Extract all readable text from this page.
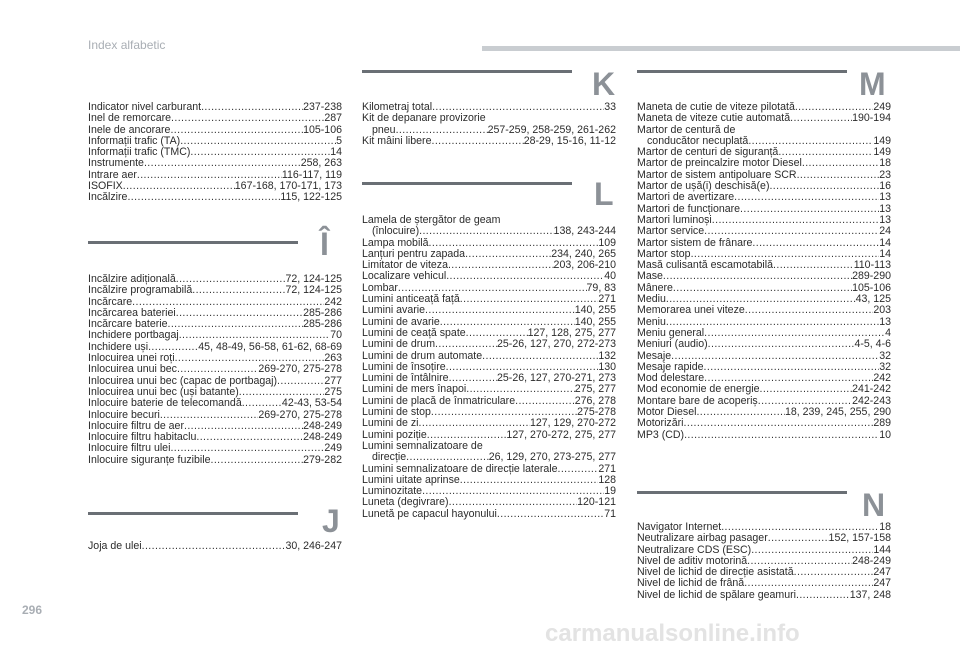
Index alfabetic
Indicator nivel carburant .....	237-238
Inel de remorcare .....	287
Inele de ancorare .....	105-106
Informații trafic (TA) .....	5
Informații trafic (TMC) .....	14
Instrumente .....	258, 263
Intrare aer .....	116-117, 119
ISOFIX .....	167-168, 170-171, 173
Încălzire .....	115, 122-125
Î
Încălzire adițională .....	72, 124-125
Încălzire programabilă .....	72, 124-125
Încărcare .....	242
Încărcarea bateriei .....	285-286
Încărcare baterie .....	285-286
Închidere portbagaj .....	70
Închidere uși .....	45, 48-49, 56-58, 61-62, 68-69
Înlocuirea unei roți .....	263
Înlocuirea unui bec .....	269-270, 275-278
Înlocuirea unui bec (capac de portbagaj) .....	277
Înlocuirea unui bec (uși batante) .....	275
Înlocuire baterie de telecomandă .....	42-43, 53-54
Înlocuire becuri .....	269-270, 275-278
Înlocuire filtru de aer .....	248-249
Înlocuire filtru habitaclu .....	248-249
Înlocuire filtru ulei .....	249
Înlocuire siguranțe fuzibile .....	279-282
J
Joja de ulei .....	30, 246-247
K
Kilometraj total .....	33
Kit de depanare provizorie
pneu .....	257-259, 258-259, 261-262
Kit mâini libere .....	28-29, 15-16, 11-12
L
Lamela de ștergător de geam
(înlocuire) .....	138, 243-244
Lampa mobilă .....	109
Lanțuri pentru zapada .....	234, 240, 265
Limitator de viteza .....	203, 206-210
Localizare vehicul .....	40
Lombar .....	79, 83
Lumini anticeață față .....	271
Lumini avarie .....	140, 255
Lumini de avarie .....	140, 255
Lumini de ceață spate .....	127, 128, 275, 277
Lumini de drum .....	25-26, 127, 270, 272-273
Lumini de drum automate .....	132
Lumini de însoțire .....	130
Lumini de întâlnire .....	25-26, 127, 270-271, 273
Lumini de mers înapoi .....	275, 277
Lumini de placă de înmatriculare .....	276, 278
Lumini de stop .....	275-278
Lumini de zi .....	127, 129, 270-272
Lumini poziție .....	127, 270-272, 275, 277
Lumini semnalizatoare de
direcție .....	26, 129, 270, 273-275, 277
Lumini semnalizatoare de direcție laterale .....	271
Lumini uitate aprinse .....	128
Luminozitate .....	19
Luneta (degivrare) .....	120-121
Lunetă pe capacul hayonului .....	71
M
Maneta de cutie de viteze pilotată .....	249
Maneta de viteze cutie automată .....	190-194
Martor de centură de
conducător necuplată .....	149
Martor de centuri de siguranță .....	149
Martor de preincalzire motor Diesel .....	18
Martor de sistem antipoluare SCR .....	23
Martor de ușă(i) deschisă(e) .....	16
Martori de avertizare .....	13
Martori de funcționare .....	13
Martori luminoși .....	13
Martor service .....	24
Martor sistem de frânare .....	14
Martor stop .....	14
Masă culisantă escamotabilă .....	110-113
Mase .....	289-290
Mânere .....	105-106
Mediu .....	43, 125
Memorarea unei viteze .....	203
Meniu .....	13
Meniu general .....	4
Meniuri (audio) .....	4-5, 4-6
Mesaje .....	32
Mesaje rapide .....	32
Mod delestare .....	242
Mod economie de energie .....	241-242
Montare bare de acoperiș .....	242-243
Motor Diesel .....	18, 239, 245, 255, 290
Motorizări .....	289
MP3 (CD) .....	10
N
Navigator Internet .....	18
Neutralizare airbag pasager .....	152, 157-158
Neutralizare CDS (ESC) .....	144
Nivel de aditiv motorină .....	248-249
Nivel de lichid de direcție asistată .....	247
Nivel de lichid de frână .....	247
Nivel de lichid de spălare geamuri .....	137, 248
296
carmanualsonline.info
